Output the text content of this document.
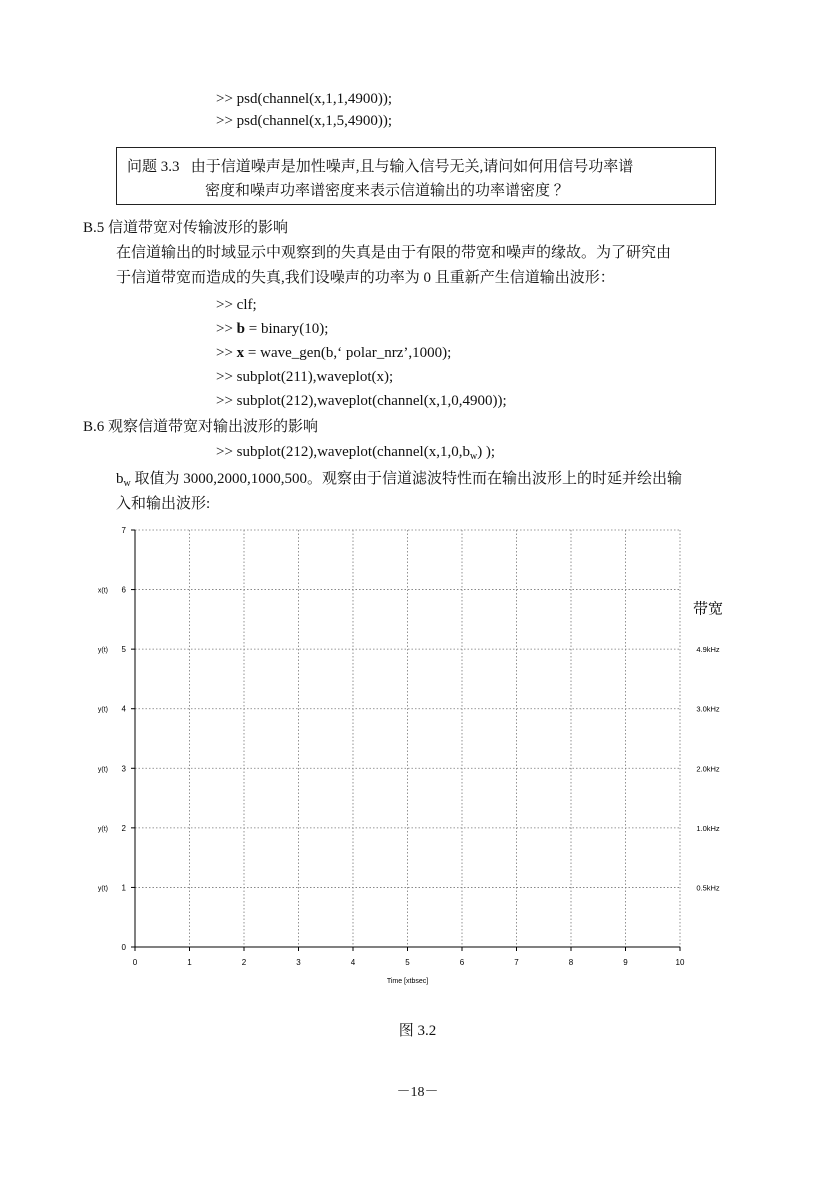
>> psd(channel(x,1,1,4900));
>> psd(channel(x,1,5,4900));
问题 3.3 由于信道噪声是加性噪声,且与输入信号无关,请问如何用信号功率谱
密度和噪声功率谱密度来表示信道输出的功率谱密度 ？
B.5 信道带宽对传输波形的影响
在信道输出的时域显示中观察到的失真是由于有限的带宽和噪声的缘故。为了研究由
于信道带宽而造成的失真,我们设噪声的功率为 0 且重新产生信道输出波形：
>> clf;
>> b = binary(10);
>> x = wave_gen(b,‘ polar_nrz’,1000);
>> subplot(211),waveplot(x);
>> subplot(212),waveplot(channel(x,1,0,4900));
B.6 观察信道带宽对输出波形的影响
>> $subplot(212),waveplot(channel(x,1,0,b_w)$ );
$b_w$ 取值为 3000,2000,1000,500。观察由于信道滤波特性而在输出波形上的时延并绘出输
入和输出波形:
0	1	2	3	4	5	6	7	8	9	10
0
1
2
3
4
5
6
7
x(t)
y(t)
y(t)
y(t)
y(t)
y(t)
Time [xtbsec]
带宽
4.9kHz
3.0kHz
2.0kHz
1.0kHz
0.5kHz
图 3.2
－18－
